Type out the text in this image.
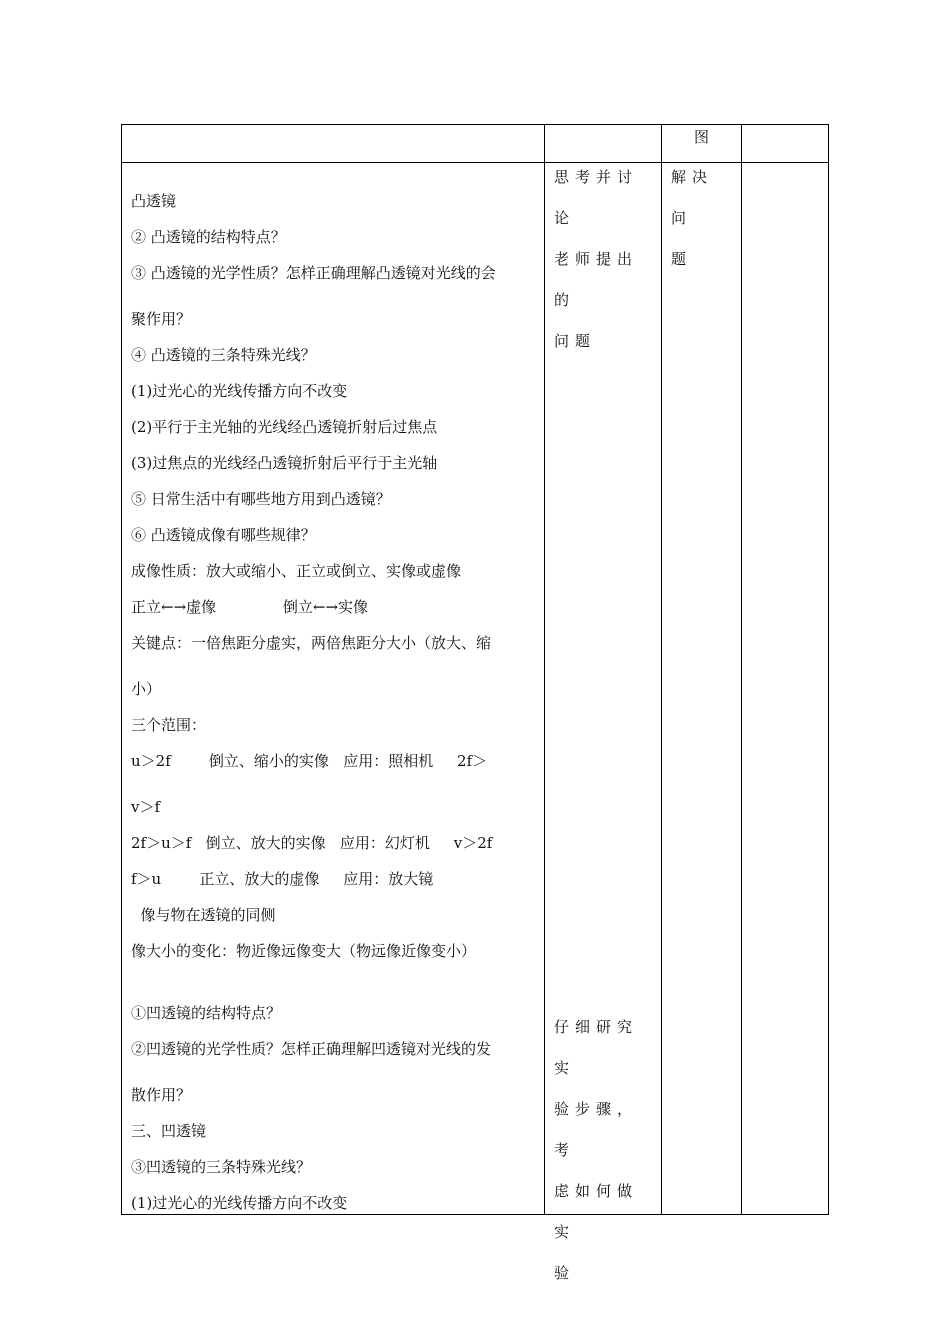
图
凸透镜
② 凸透镜的结构特点？
③ 凸透镜的光学性质？怎样正确理解凸透镜对光线的会
聚作用？
④ 凸透镜的三条特殊光线？
(1)过光心的光线传播方向不改变
(2)平行于主光轴的光线经凸透镜折射后过焦点
(3)过焦点的光线经凸透镜折射后平行于主光轴
⑤ 日常生活中有哪些地方用到凸透镜？
⑥ 凸透镜成像有哪些规律？
成像性质：放大或缩小、正立或倒立、实像或虚像
正立←→虚像              倒立←→实像
关键点：一倍焦距分虚实，两倍焦距分大小（放大、缩
小）
三个范围：
u＞2f        倒立、缩小的实像   应用：照相机     2f＞
v＞f
2f＞u＞f   倒立、放大的实像   应用：幻灯机     v＞2f
f＞u        正立、放大的虚像     应用：放大镜
像与物在透镜的同侧
像大小的变化：物近像远像变大（物远像近像变小）
①凹透镜的结构特点？
②凹透镜的光学性质？怎样正确理解凹透镜对光线的发
散作用？
三、凹透镜
③凹透镜的三条特殊光线？
(1)过光心的光线传播方向不改变
思考并讨论
老师提出的
问题
仔细研究实
验步骤，考
虑如何做实
验
解决问
题
